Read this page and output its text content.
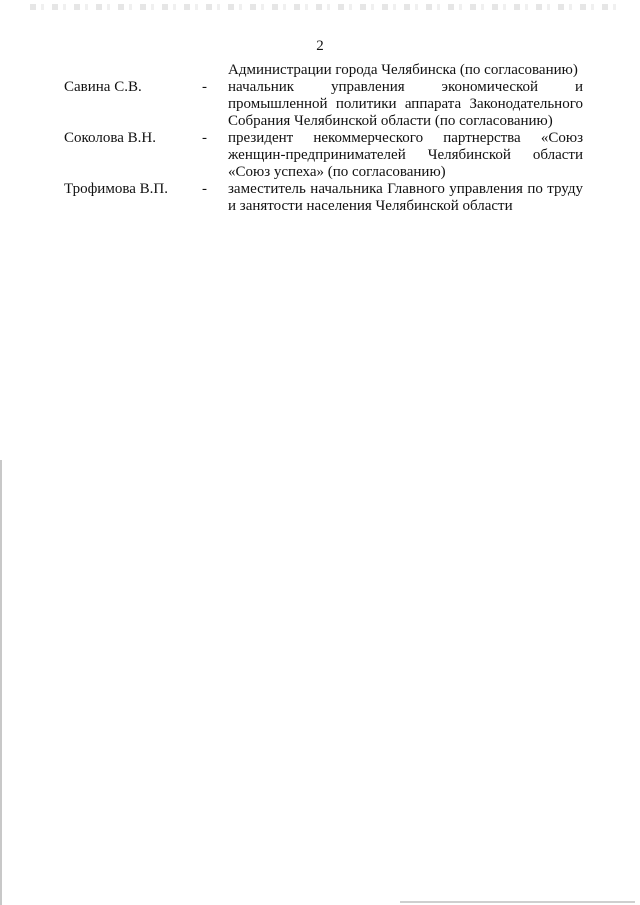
2
Администрации города Челябинска (по согласованию)
Савина С.В.	- начальник управления экономической и промышленной политики аппарата Законодательного Собрания Челябинской области (по согласованию)
Соколова В.Н.	- президент некоммерческого партнерства «Союз женщин-предпринимателей Челябинской области «Союз успеха» (по согласованию)
Трофимова В.П. - заместитель начальника Главного управления по труду и занятости населения Челябинской области
